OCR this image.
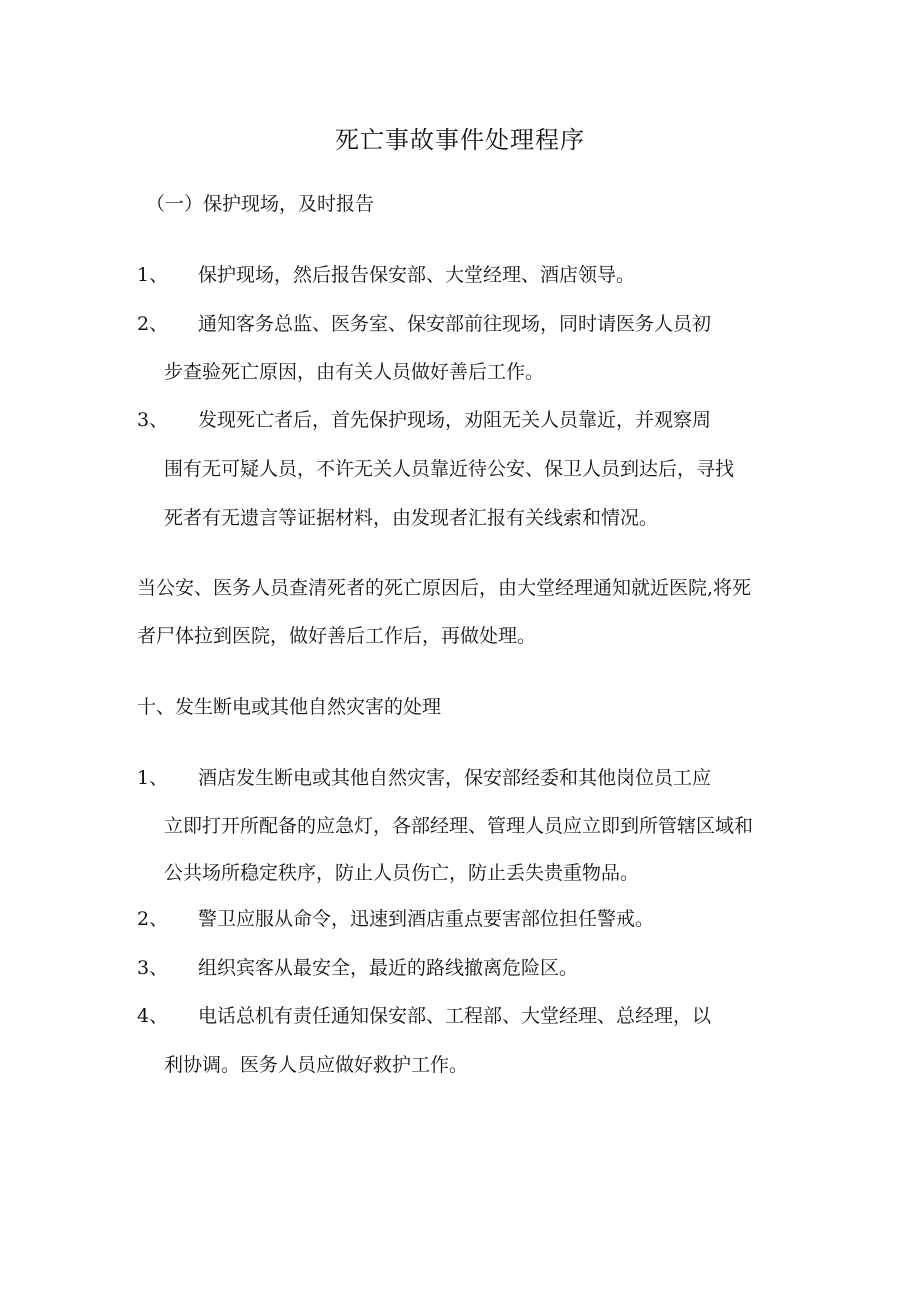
死亡事故事件处理程序
（一）保护现场，及时报告
1、 保护现场，然后报告保安部、大堂经理、酒店领导。
2、 通知客务总监、医务室、保安部前往现场，同时请医务人员初
步查验死亡原因，由有关人员做好善后工作。
3、 发现死亡者后，首先保护现场，劝阻无关人员靠近，并观察周
围有无可疑人员，不许无关人员靠近待公安、保卫人员到达后，寻找
死者有无遗言等证据材料，由发现者汇报有关线索和情况。
当公安、医务人员查清死者的死亡原因后，由大堂经理通知就近医院,将死
者尸体拉到医院，做好善后工作后，再做处理。
十、发生断电或其他自然灾害的处理
1、 酒店发生断电或其他自然灾害，保安部经委和其他岗位员工应
立即打开所配备的应急灯，各部经理、管理人员应立即到所管辖区域和
公共场所稳定秩序，防止人员伤亡，防止丢失贵重物品。
2、 警卫应服从命令，迅速到酒店重点要害部位担任警戒。
3、 组织宾客从最安全，最近的路线撤离危险区。
4、 电话总机有责任通知保安部、工程部、大堂经理、总经理，以
利协调。医务人员应做好救护工作。
